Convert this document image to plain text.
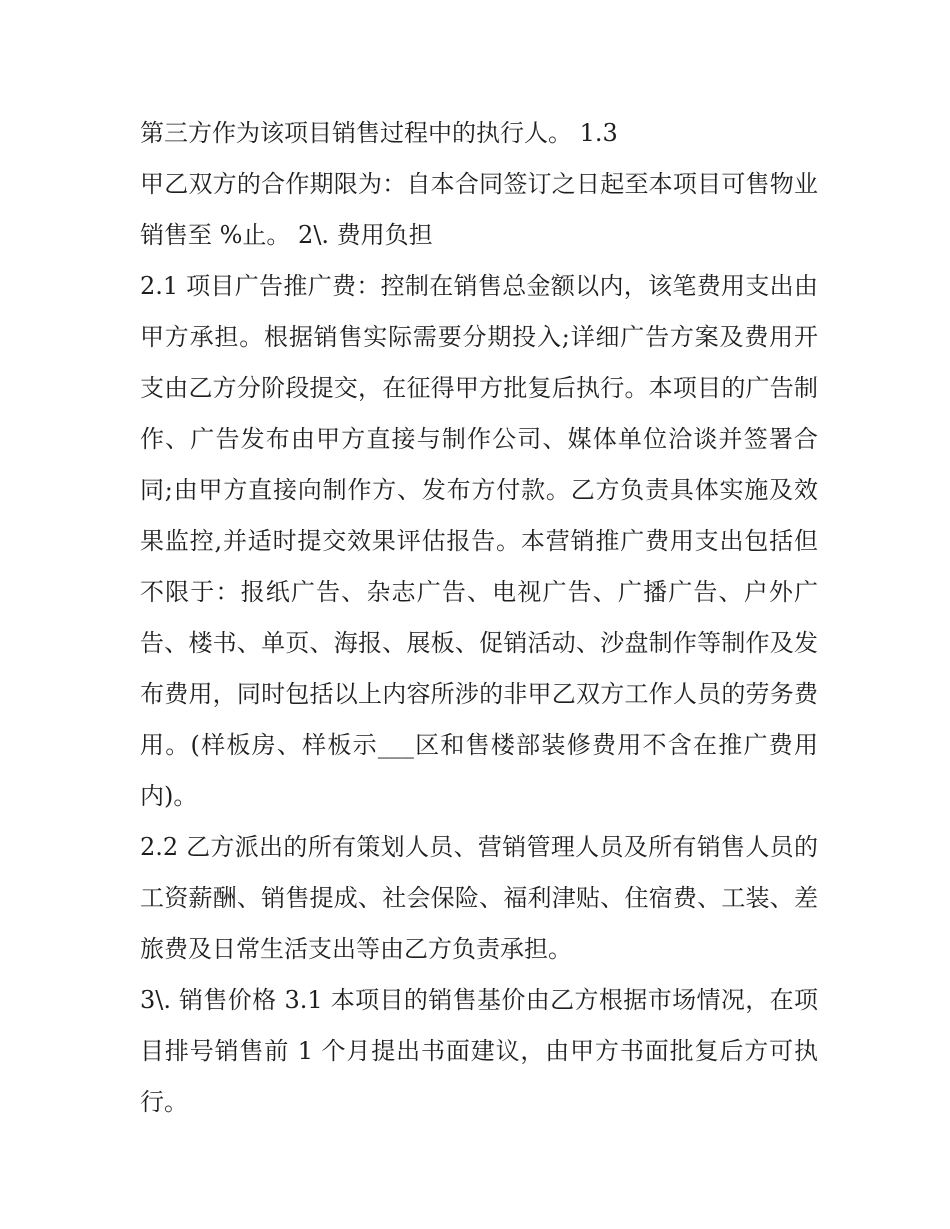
第三方作为该项目销售过程中的执行人。 1.3

甲乙双方的合作期限为：自本合同签订之日起至本项目可售物业销售至 %止。 2\. 费用负担

2.1 项目广告推广费：控制在销售总金额以内，该笔费用支出由甲方承担。根据销售实际需要分期投入;详细广告方案及费用开支由乙方分阶段提交，在征得甲方批复后执行。本项目的广告制作、广告发布由甲方直接与制作公司、媒体单位洽谈并签署合同;由甲方直接向制作方、发布方付款。乙方负责具体实施及效果监控,并适时提交效果评估报告。本营销推广费用支出包括但不限于：报纸广告、杂志广告、电视广告、广播广告、户外广告、楼书、单页、海报、展板、促销活动、沙盘制作等制作及发布费用，同时包括以上内容所涉的非甲乙双方工作人员的劳务费用。(样板房、样板示___区和售楼部装修费用不含在推广费用内)。

2.2 乙方派出的所有策划人员、营销管理人员及所有销售人员的工资薪酬、销售提成、社会保险、福利津贴、住宿费、工装、差旅费及日常生活支出等由乙方负责承担。

3\. 销售价格 3.1 本项目的销售基价由乙方根据市场情况，在项目排号销售前 1 个月提出书面建议，由甲方书面批复后方可执行。
